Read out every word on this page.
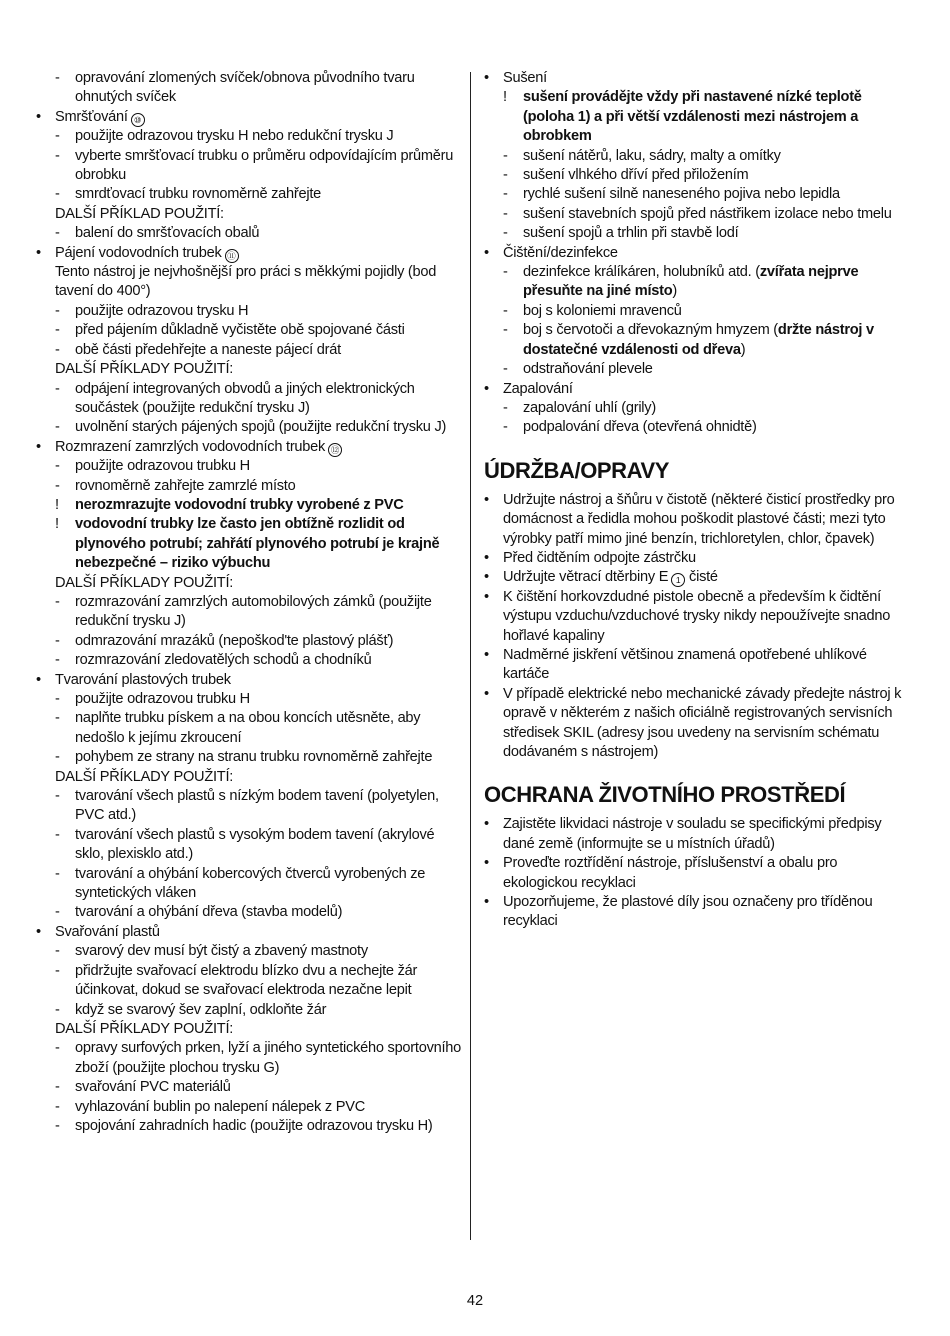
- opravování zlomených svíček/obnova původního tvaru ohnutých svíček
• Smršťování ⑩
- použijte odrazovou trysku H nebo redukční trysku J
- vyberte smršťovací trubku o průměru odpovídajícím průměru obrobku
- smrdťovací trubku rovnoměrně zahřejte
DALŠÍ PŘÍKLAD POUŽITÍ:
- balení do smršťovacích obalů
• Pájení vodovodních trubek ⑪
Tento nástroj je nejvhošnější pro práci s měkkými pojidly (bod tavení do 400°)
- použijte odrazovou trysku H
- před pájením důkladně vyčistěte obě spojované části
- obě části předehřejte a naneste pájecí drát
DALŠÍ PŘÍKLADY POUŽITÍ:
- odpájení integrovaných obvodů a jiných elektronických součástek (použijte redukční trysku J)
- uvolnění starých pájených spojů (použijte redukční trysku J)
• Rozmrazení zamrzlých vodovodních trubek ⑫
- použijte odrazovou trubku H
- rovnoměrně zahřejte zamrzlé místo
! nerozmrazujte vodovodní trubky vyrobené z PVC
! vodovodní trubky lze často jen obtížně rozlidit od plynového potrubí; zahřátí plynového potrubí je krajně nebezpečné – riziko výbuchu
DALŠÍ PŘÍKLADY POUŽITÍ:
- rozmrazování zamrzlých automobilových zámků (použijte redukční trysku J)
- odmrazování mrazáků (nepoškod'te plastový plášť)
- rozmrazování zledovatělých schodů a chodníků
• Tvarování plastových trubek
- použijte odrazovou trubku H
- naplňte trubku pískem a na obou koncích utěsněte, aby nedošlo k jejímu zkroucení
- pohybem ze strany na stranu trubku rovnoměrně zahřejte
DALŠÍ PŘÍKLADY POUŽITÍ:
- tvarování všech plastů s nízkým bodem tavení (polyetylen, PVC atd.)
- tvarování všech plastů s vysokým bodem tavení (akrylové sklo, plexisklo atd.)
- tvarování a ohýbání kobercových čtverců vyrobených ze syntetických vláken
- tvarování a ohýbání dřeva (stavba modelů)
• Svařování plastů
- svarový dev musí být čistý a zbavený mastnoty
- přidržujte svařovací elektrodu blízko dvu a nechejte žár účinkovat, dokud se svařovací elektroda nezačne lepit
- když se svarový šev zaplní, odkloňte žár
DALŠÍ PŘÍKLADY POUŽITÍ:
- opravy surfových prken, lyží a jiného syntetického sportovního zboží (použijte plochou trysku G)
- svařování PVC materiálů
- vyhlazování bublin po nalepení nálepek z PVC
- spojování zahradních hadic (použijte odrazovou trysku H)
• Sušení
! sušení provádějte vždy při nastavené nízké teplotě (poloha 1) a při větší vzdálenosti mezi nástrojem a obrobkem
- sušení nátěrů, laku, sádry, malty a omítky
- sušení vlhkého dříví před přiložením
- rychlé sušení silně naneseného pojiva nebo lepidla
- sušení stavebních spojů před nástřikem izolace nebo tmelu
- sušení spojů a trhlin při stavbě lodí
• Čištění/dezinfekce
- dezinfekce králíkáren, holubníků atd. (zvířata nejprve přesuňte na jiné místo)
- boj s koloniemi mravenců
- boj s červotoči a dřevokazným hmyzem (držte nástroj v dostatečné vzdálenosti od dřeva)
- odstraňování plevele
• Zapalování
- zapalování uhlí (grily)
- podpalování dřeva (otevřená ohnidtě)
ÚDRŽBA/OPRAVY
• Udržujte nástroj a šňůru v čistotě (některé čisticí prostředky pro domácnost a ředidla mohou poškodit plastové části; mezi tyto výrobky patří mimo jiné benzín, trichloretylen, chlor, čpavek)
• Před čidtěním odpojte zástrčku
• Udržujte větrací dtěrbiny E 1 čisté
• K čištění horkovzdudné pistole obecně a především k čidtění výstupu vzduchu/vzduchové trysky nikdy nepoužívejte snadno hořlavé kapaliny
• Nadměrné jiskření většinou znamená opotřebené uhlíkové kartáče
• V případě elektrické nebo mechanické závady předejte nástroj k opravě v některém z našich oficiálně registrovaných servisních středisek SKIL (adresy jsou uvedeny na servisním schématu dodávaném s nástrojem)
OCHRANA ŽIVOTNÍHO PROSTŘEDÍ
• Zajistěte likvidaci nástroje v souladu se specifickými předpisy dané země (informujte se u místních úřadů)
• Proveďte roztřídění nástroje, příslušenství a obalu pro ekologickou recyklaci
• Upozorňujeme, že plastové díly jsou označeny pro tříděnou recyklaci
42
